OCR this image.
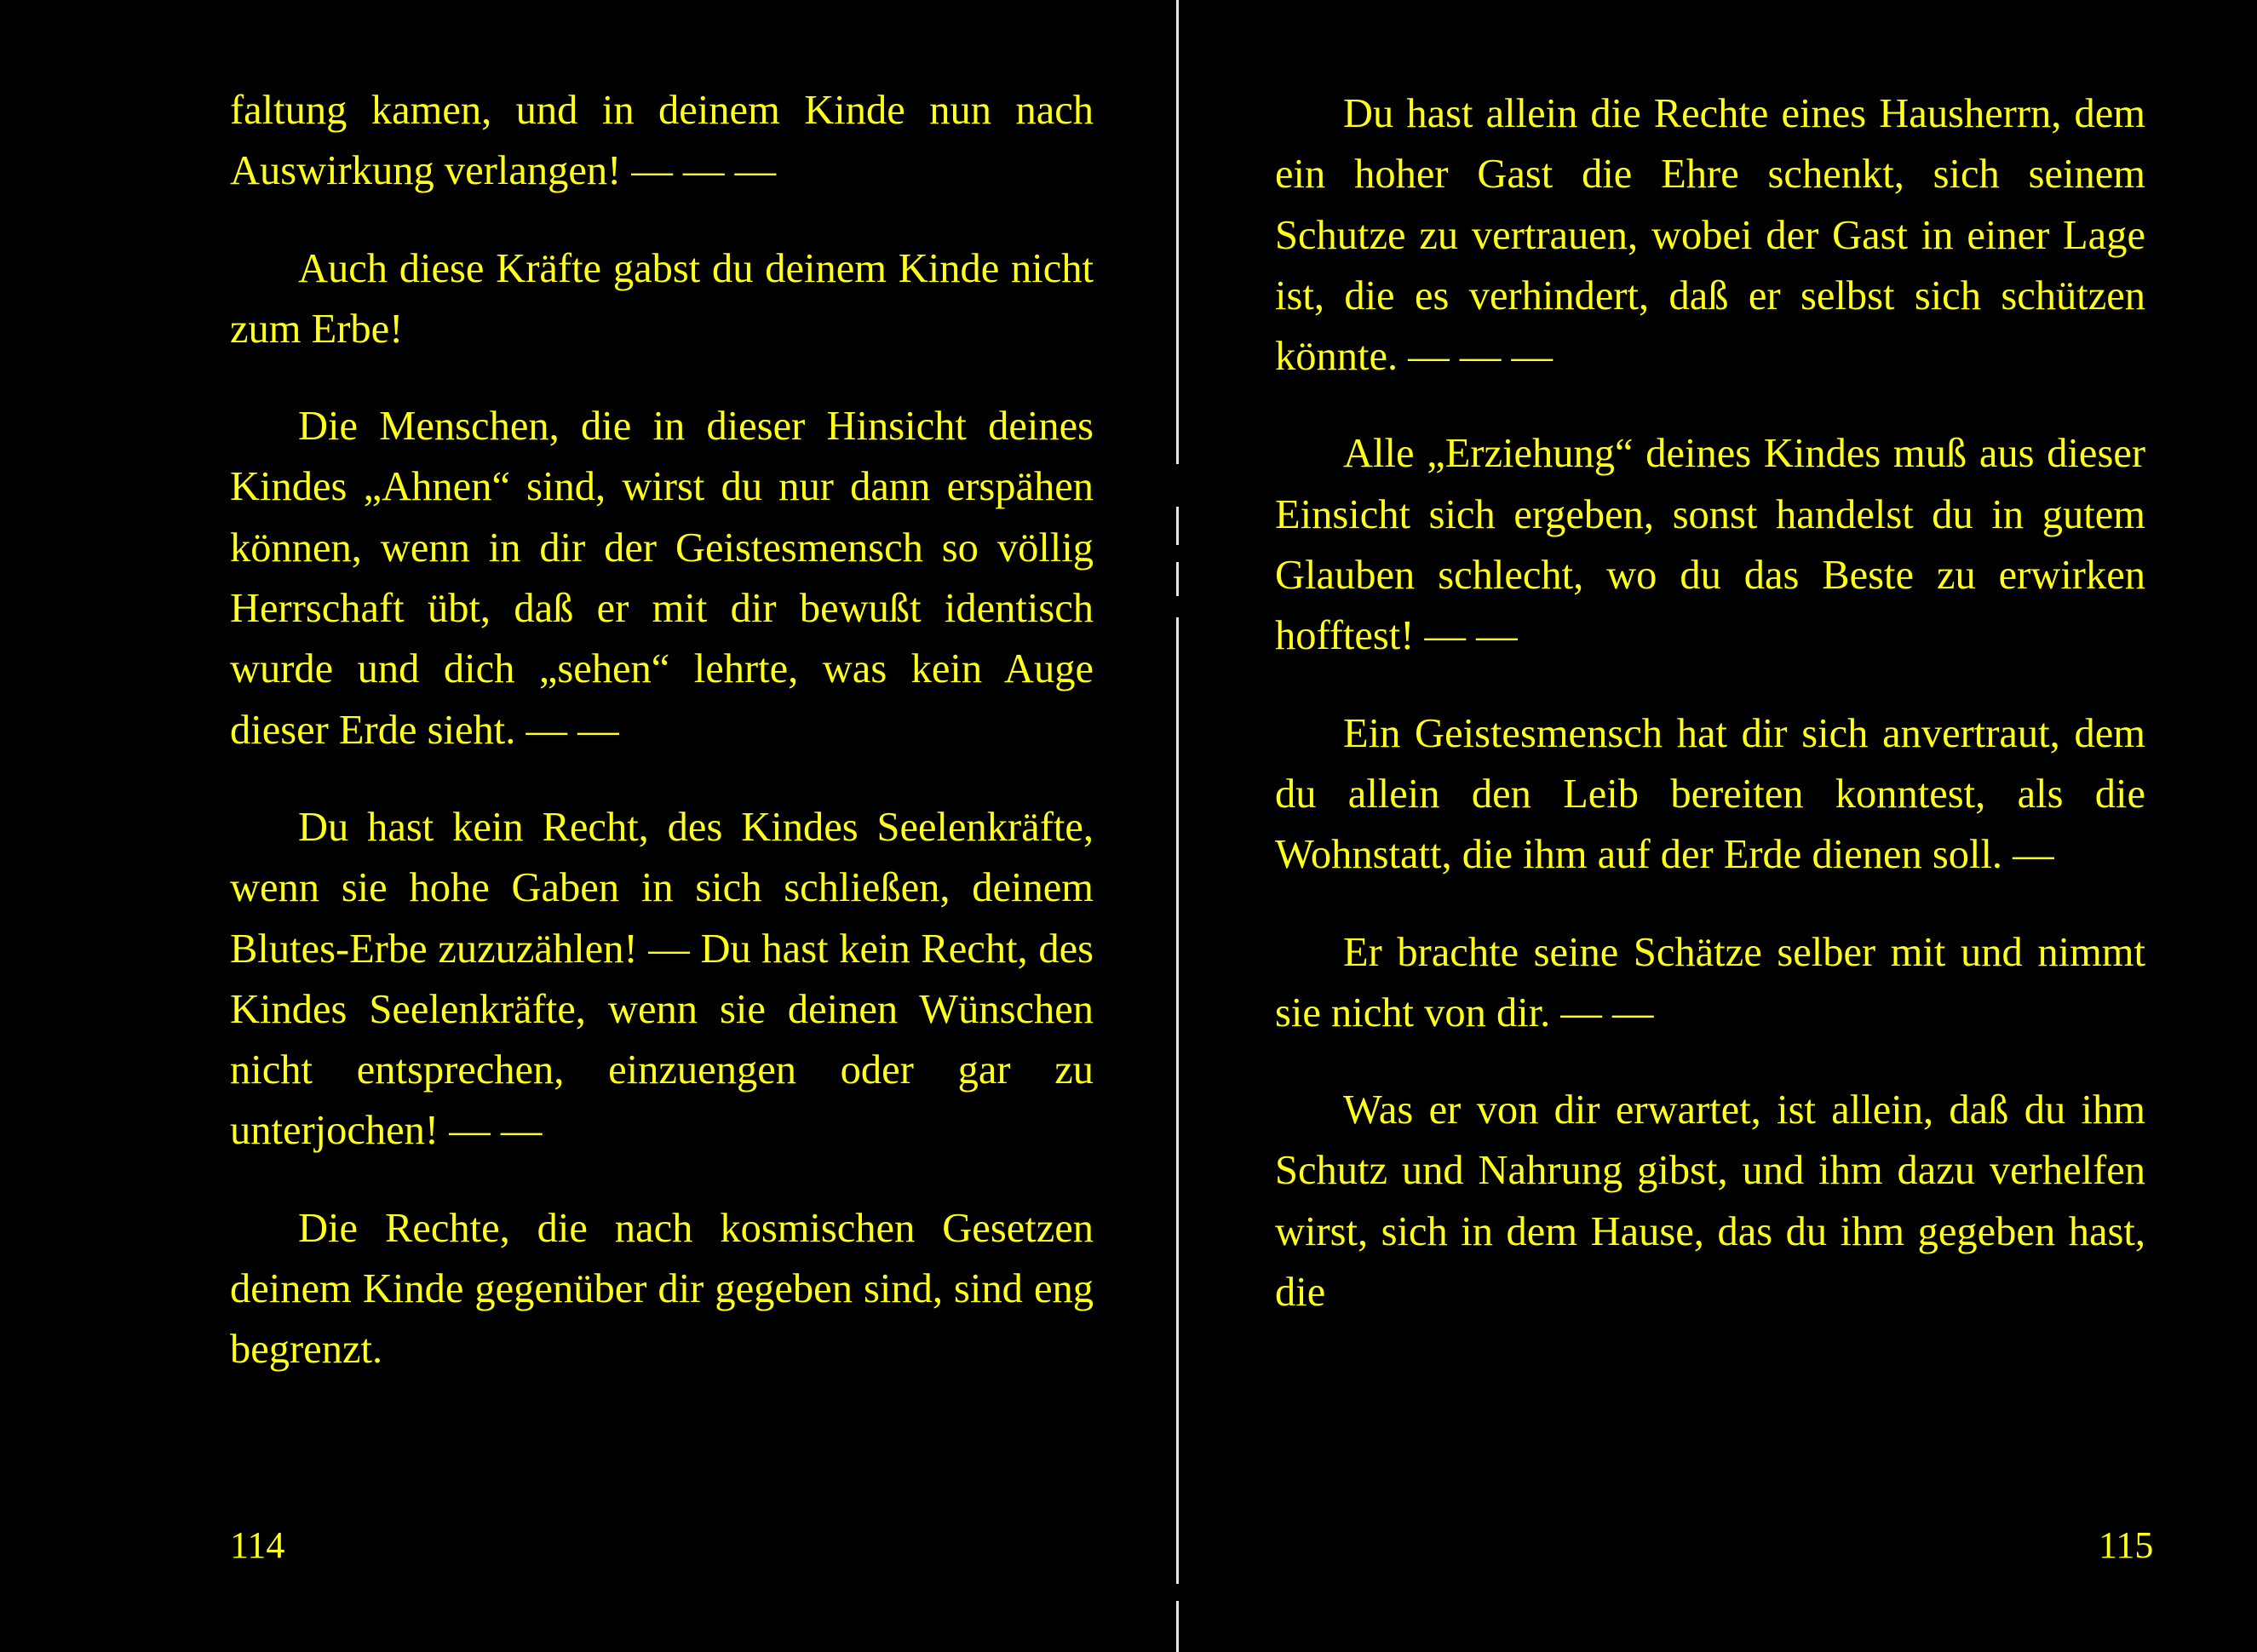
faltung kamen, und in deinem Kinde nun nach Auswirkung verlangen! — — —

Auch diese Kräfte gabst du deinem Kinde nicht zum Erbe!

Die Menschen, die in dieser Hinsicht deines Kindes „Ahnen“ sind, wirst du nur dann erspähen können, wenn in dir der Geistesmensch so völlig Herrschaft übt, daß er mit dir bewußt identisch wurde und dich „sehen“ lehrte, was kein Auge dieser Erde sieht. — —

Du hast kein Recht, des Kindes Seelenkräfte, wenn sie hohe Gaben in sich schließen, deinem Blutes-Erbe zuzuzählen! — Du hast kein Recht, des Kindes Seelenkräfte, wenn sie deinen Wünschen nicht entsprechen, einzuengen oder gar zu unterjochen! — —

Die Rechte, die nach kosmischen Gesetzen deinem Kinde gegenüber dir gegeben sind, sind eng begrenzt.

114

Du hast allein die Rechte eines Hausherrn, dem ein hoher Gast die Ehre schenkt, sich seinem Schutze zu vertrauen, wobei der Gast in einer Lage ist, die es verhindert, daß er selbst sich schützen könnte. — — —

Alle „Erziehung“ deines Kindes muß aus dieser Einsicht sich ergeben, sonst handelst du in gutem Glauben schlecht, wo du das Beste zu erwirken hofftest! — —

Ein Geistesmensch hat dir sich anvertraut, dem du allein den Leib bereiten konntest, als die Wohnstatt, die ihm auf der Erde dienen soll. —

Er brachte seine Schätze selber mit und nimmt sie nicht von dir. — —

Was er von dir erwartet, ist allein, daß du ihm Schutz und Nahrung gibst, und ihm dazu verhelfen wirst, sich in dem Hause, das du ihm gegeben hast, die

115
